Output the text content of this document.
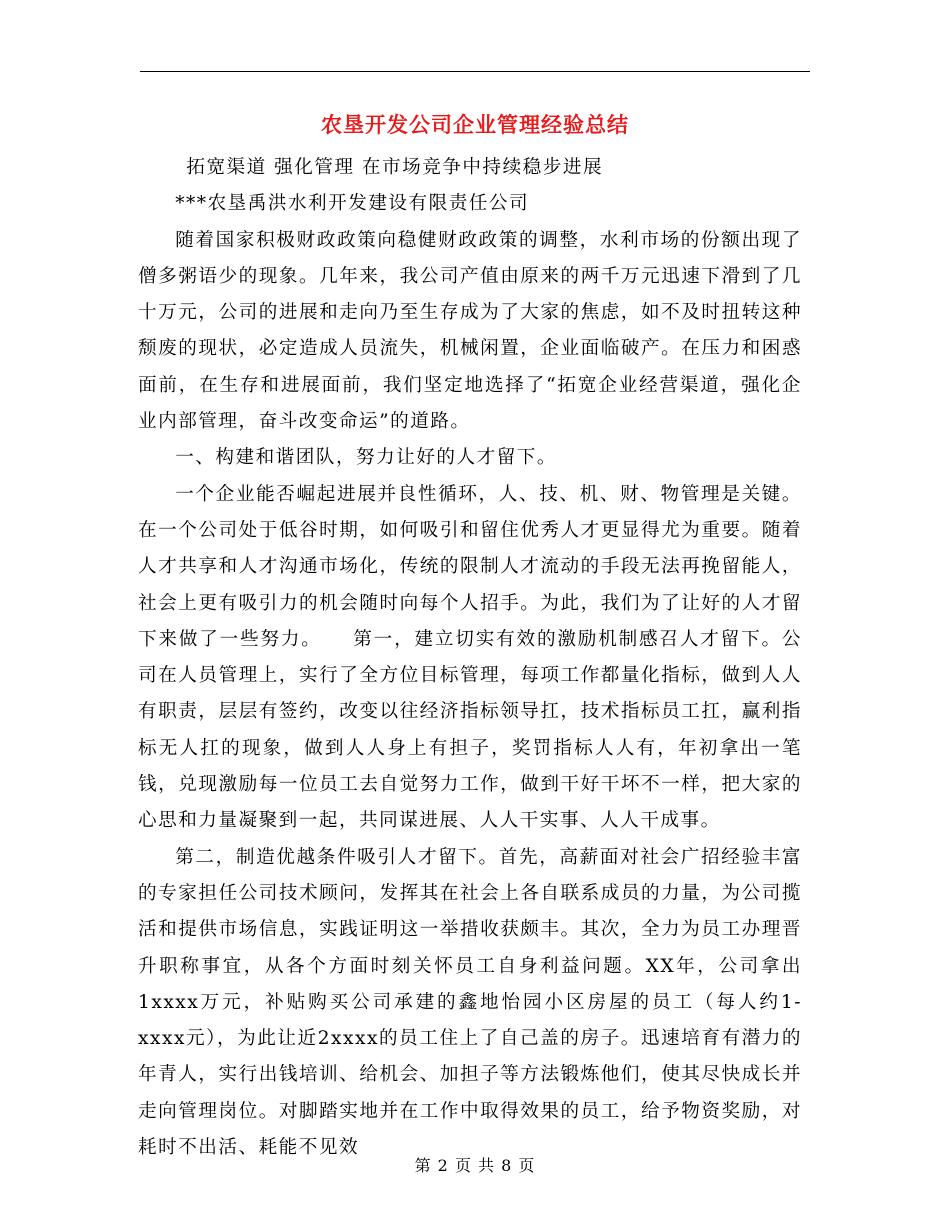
农垦开发公司企业管理经验总结

拓宽渠道 强化管理 在市场竞争中持续稳步进展

***农垦禹洪水利开发建设有限责任公司

随着国家积极财政政策向稳健财政政策的调整，水利市场的份额出现了僧多粥语少的现象。几年来，我公司产值由原来的两千万元迅速下滑到了几十万元，公司的进展和走向乃至生存成为了大家的焦虑，如不及时扭转这种颓废的现状，必定造成人员流失，机械闲置，企业面临破产。在压力和困惑面前，在生存和进展面前，我们坚定地选择了“拓宽企业经营渠道，强化企业内部管理，奋斗改变命运”的道路。

一、构建和谐团队，努力让好的人才留下。

一个企业能否崛起进展并良性循环，人、技、机、财、物管理是关键。在一个公司处于低谷时期，如何吸引和留住优秀人才更显得尤为重要。随着人才共享和人才沟通市场化，传统的限制人才流动的手段无法再挽留能人，社会上更有吸引力的机会随时向每个人招手。为此，我们为了让好的人才留下来做了一些努力。　　第一，建立切实有效的激励机制感召人才留下。公司在人员管理上，实行了全方位目标管理，每项工作都量化指标，做到人人有职责，层层有签约，改变以往经济指标领导扛，技术指标员工扛，赢利指标无人扛的现象，做到人人身上有担子，奖罚指标人人有，年初拿出一笔钱，兑现激励每一位员工去自觉努力工作，做到干好干坏不一样，把大家的心思和力量凝聚到一起，共同谋进展、人人干实事、人人干成事。

第二，制造优越条件吸引人才留下。首先，高薪面对社会广招经验丰富的专家担任公司技术顾问，发挥其在社会上各自联系成员的力量，为公司揽活和提供市场信息，实践证明这一举措收获颇丰。其次，全力为员工办理晋升职称事宜，从各个方面时刻关怀员工自身利益问题。XX年，公司拿出1xxxx万元，补贴购买公司承建的鑫地怡园小区房屋的员工（每人约1-xxxx元），为此让近2xxxx的员工住上了自己盖的房子。迅速培育有潜力的年青人，实行出钱培训、给机会、加担子等方法锻炼他们，使其尽快成长并走向管理岗位。对脚踏实地并在工作中取得效果的员工，给予物资奖励，对耗时不出活、耗能不见效

第 2 页 共 8 页
